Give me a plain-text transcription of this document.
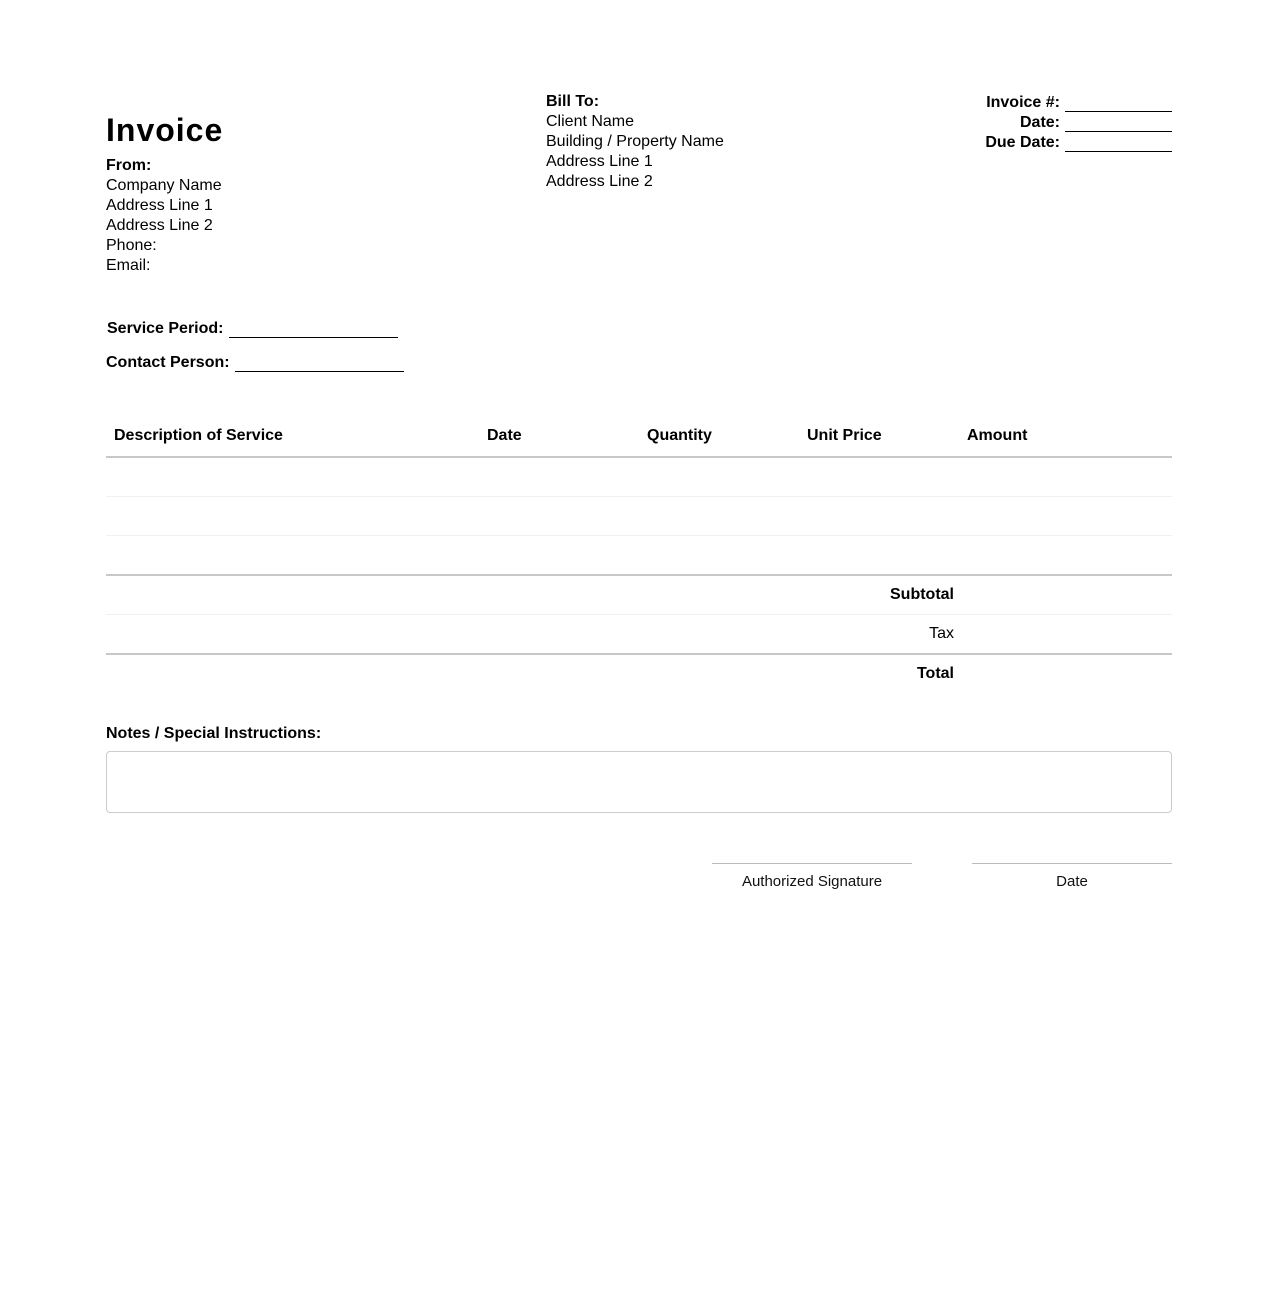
Invoice
From:
Company Name
Address Line 1
Address Line 2
Phone:
Email:
Bill To:
Client Name
Building / Property Name
Address Line 1
Address Line 2
Invoice #:
Date:
Due Date:
Service Period:
Contact Person:
Description of Service	Date	Quantity	Unit Price	Amount

Subtotal				
Tax				
Total				
Notes / Special Instructions:
Authorized Signature	Date
